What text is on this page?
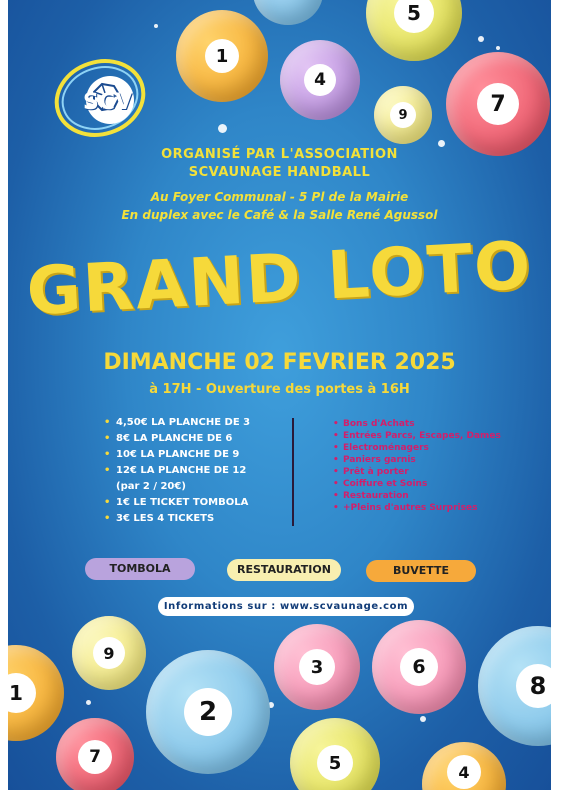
5
1
4
9	7
SCV
ORGANISÉ PAR L'ASSOCIATION
SCVAUNAGE HANDBALL
Au Foyer Communal - 5 Pl de la Mairie
En duplex avec le Café & la Salle René Agussol
GRAND LOTO
DIMANCHE 02 FEVRIER 2025
à 17H - Ouverture des portes à 16H
• 4,50€ LA PLANCHE DE 3
• 8€ LA PLANCHE DE 6
• 10€ LA PLANCHE DE 9
• 12€ LA PLANCHE DE 12
(par 2 / 20€)
• 1€ LE TICKET TOMBOLA
• 3€ LES 4 TICKETS
• Bons d'Achats
• Entrées Parcs, Escapes, Dames
• Electroménagers
• Paniers garnis
• Prêt à porter
• Coiffure et Soins
• Restauration
• +Pleins d'autres Surprises
TOMBOLA	RESTAURATION	BUVETTE
Informations sur : www.scvaunage.com
9
1
2
3	6
8
7	5	4
